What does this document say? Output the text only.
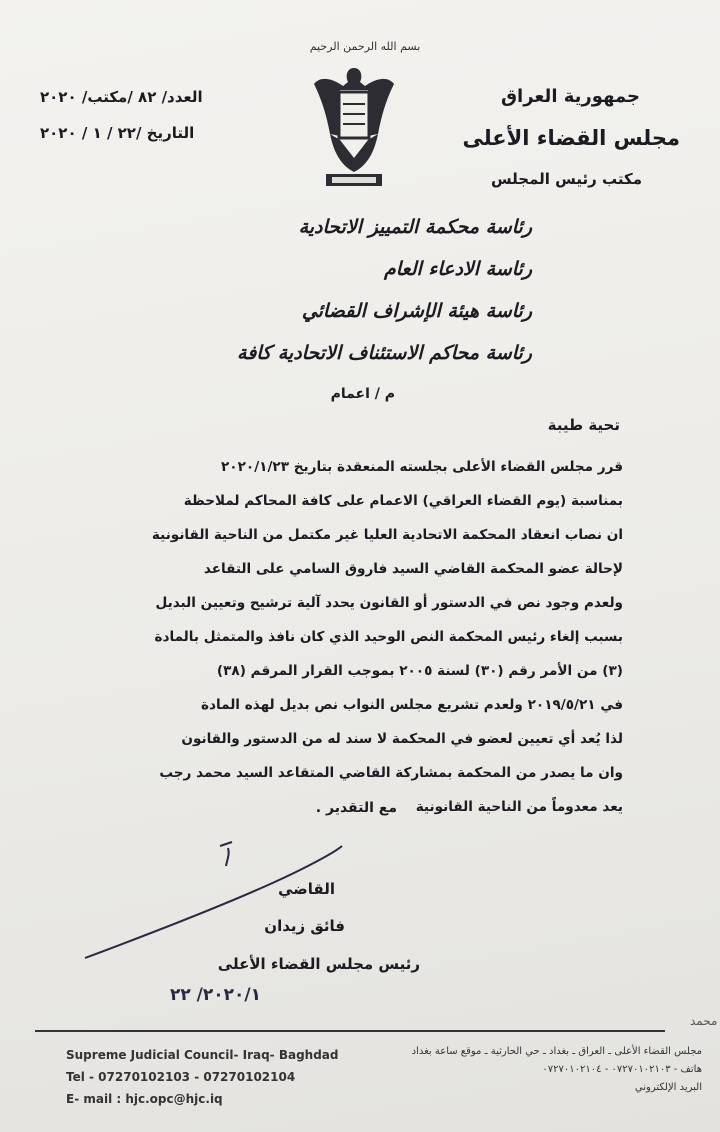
بسم الله الرحمن الرحيم
جمهورية العراق
مجلس القضاء الأعلى
مكتب رئيس المجلس
العدد/ ٨٢ /مكتب/ ٢٠٢٠
التاريخ /٢٢ / ١ / ٢٠٢٠
رئاسة محكمة التمييز الاتحادية
رئاسة الادعاء العام
رئاسة هيئة الإشراف القضائي
رئاسة محاكم الاستئناف الاتحادية كافة
م / اعمام
تحية طيبة
قرر مجلس القضاء الأعلى بجلسته المنعقدة بتاريخ ٢٠٢٠/١/٢٣
بمناسبة (يوم القضاء العراقي) الاعمام على كافة المحاكم لملاحظة
ان نصاب انعقاد المحكمة الاتحادية العليا غير مكتمل من الناحية القانونية
لإحالة عضو المحكمة القاضي السيد فاروق السامي على التقاعد
ولعدم وجود نص في الدستور أو القانون يحدد آلية ترشيح وتعيين البديل
بسبب إلغاء رئيس المحكمة النص الوحيد الذي كان نافذ والمتمثل بالمادة
(٣) من الأمر رقم (٣٠) لسنة ٢٠٠٥ بموجب القرار المرقم (٣٨)
في ٢٠١٩/٥/٢١ ولعدم تشريع مجلس النواب نص بديل لهذه المادة
لذا يُعد أي تعيين لعضو في المحكمة لا سند له من الدستور والقانون
وان ما يصدر من المحكمة بمشاركة القاضي المتقاعد السيد محمد رجب
يعد معدوماً من الناحية القانونية
مع التقدير .
القاضي
فائق زيدان
رئيس مجلس القضاء الأعلى
٢٠٢٠/١/ ٢٢
محمد
Supreme Judicial Council- Iraq- Baghdad
Tel - 07270102103 - 07270102104
E- mail : hjc.opc@hjc.iq
مجلس القضاء الأعلى ـ العراق ـ بغداد ـ حي الحارثية ـ موقع ساعة بغداد
هاتف - ٠٧٢٧٠١٠٢١٠٣ - ٠٧٢٧٠١٠٢١٠٤
البريد الإلكتروني
